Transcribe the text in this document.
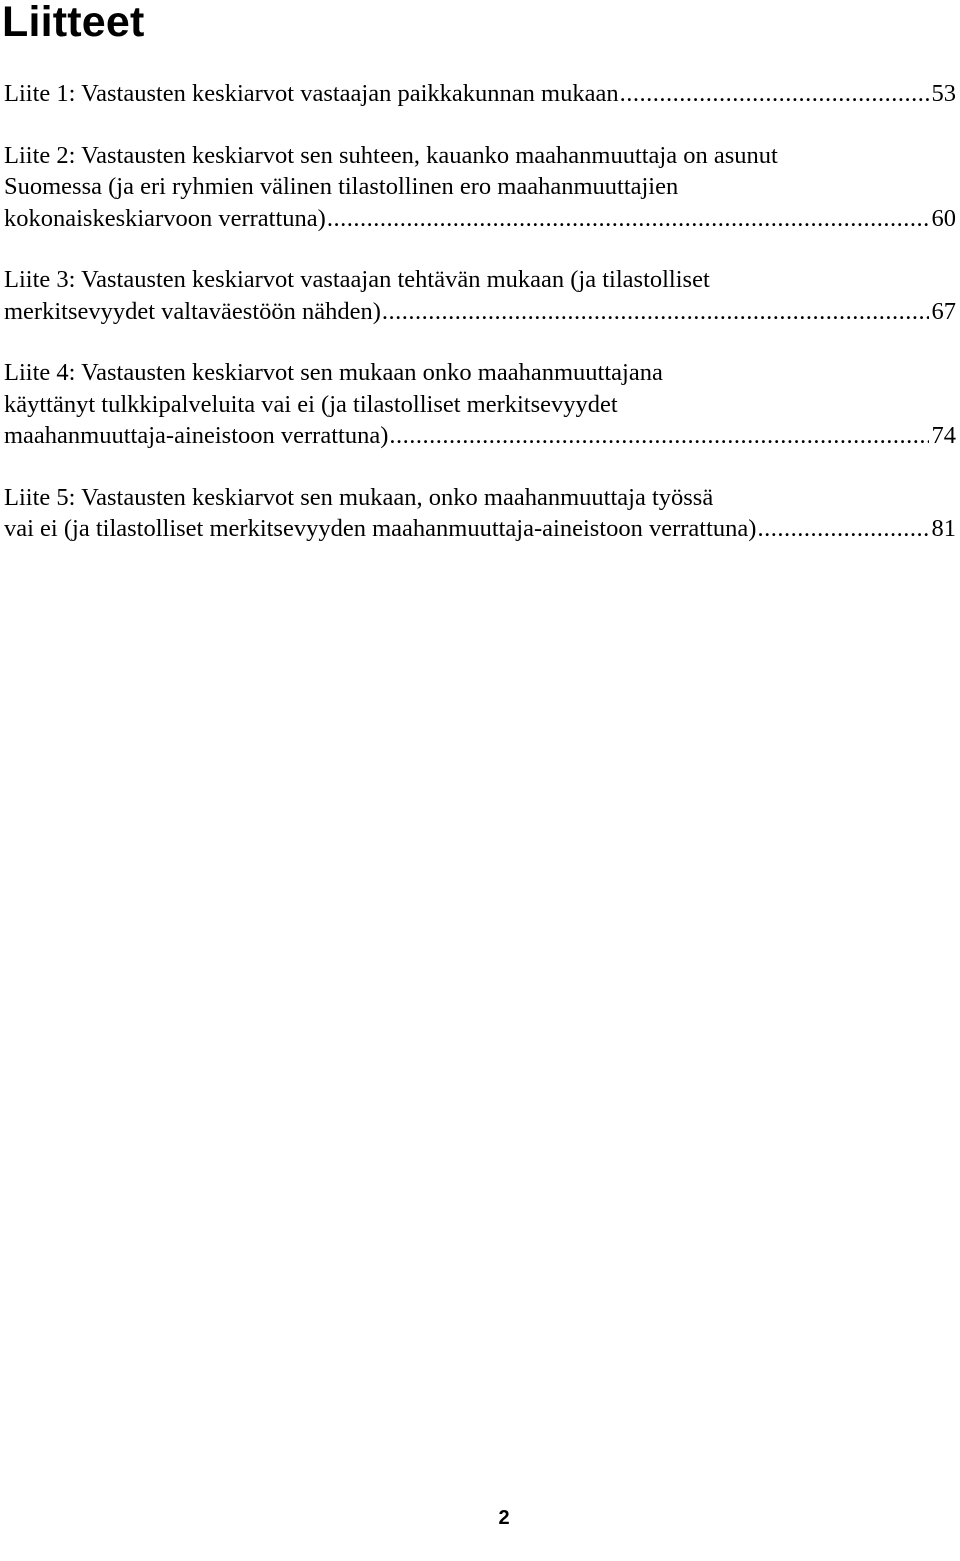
Liitteet
Liite 1: Vastausten keskiarvot vastaajan paikkakunnan mukaan .....	53
Liite 2: Vastausten keskiarvot sen suhteen, kauanko maahanmuuttaja on asunut
Suomessa (ja eri ryhmien välinen tilastollinen ero maahanmuuttajien
kokonaiskeskiarvoon verrattuna) .....	60
Liite 3: Vastausten keskiarvot vastaajan tehtävän mukaan (ja tilastolliset
merkitsevyydet valtaväestöön nähden) .....	67
Liite 4: Vastausten keskiarvot sen mukaan onko maahanmuuttajana
käyttänyt tulkkipalveluita vai ei (ja tilastolliset merkitsevyydet
maahanmuuttaja-aineistoon verrattuna) .....	74
Liite 5: Vastausten keskiarvot sen mukaan, onko maahanmuuttaja työssä
vai ei (ja tilastolliset merkitsevyyden maahanmuuttaja-aineistoon verrattuna) .....	81
2
